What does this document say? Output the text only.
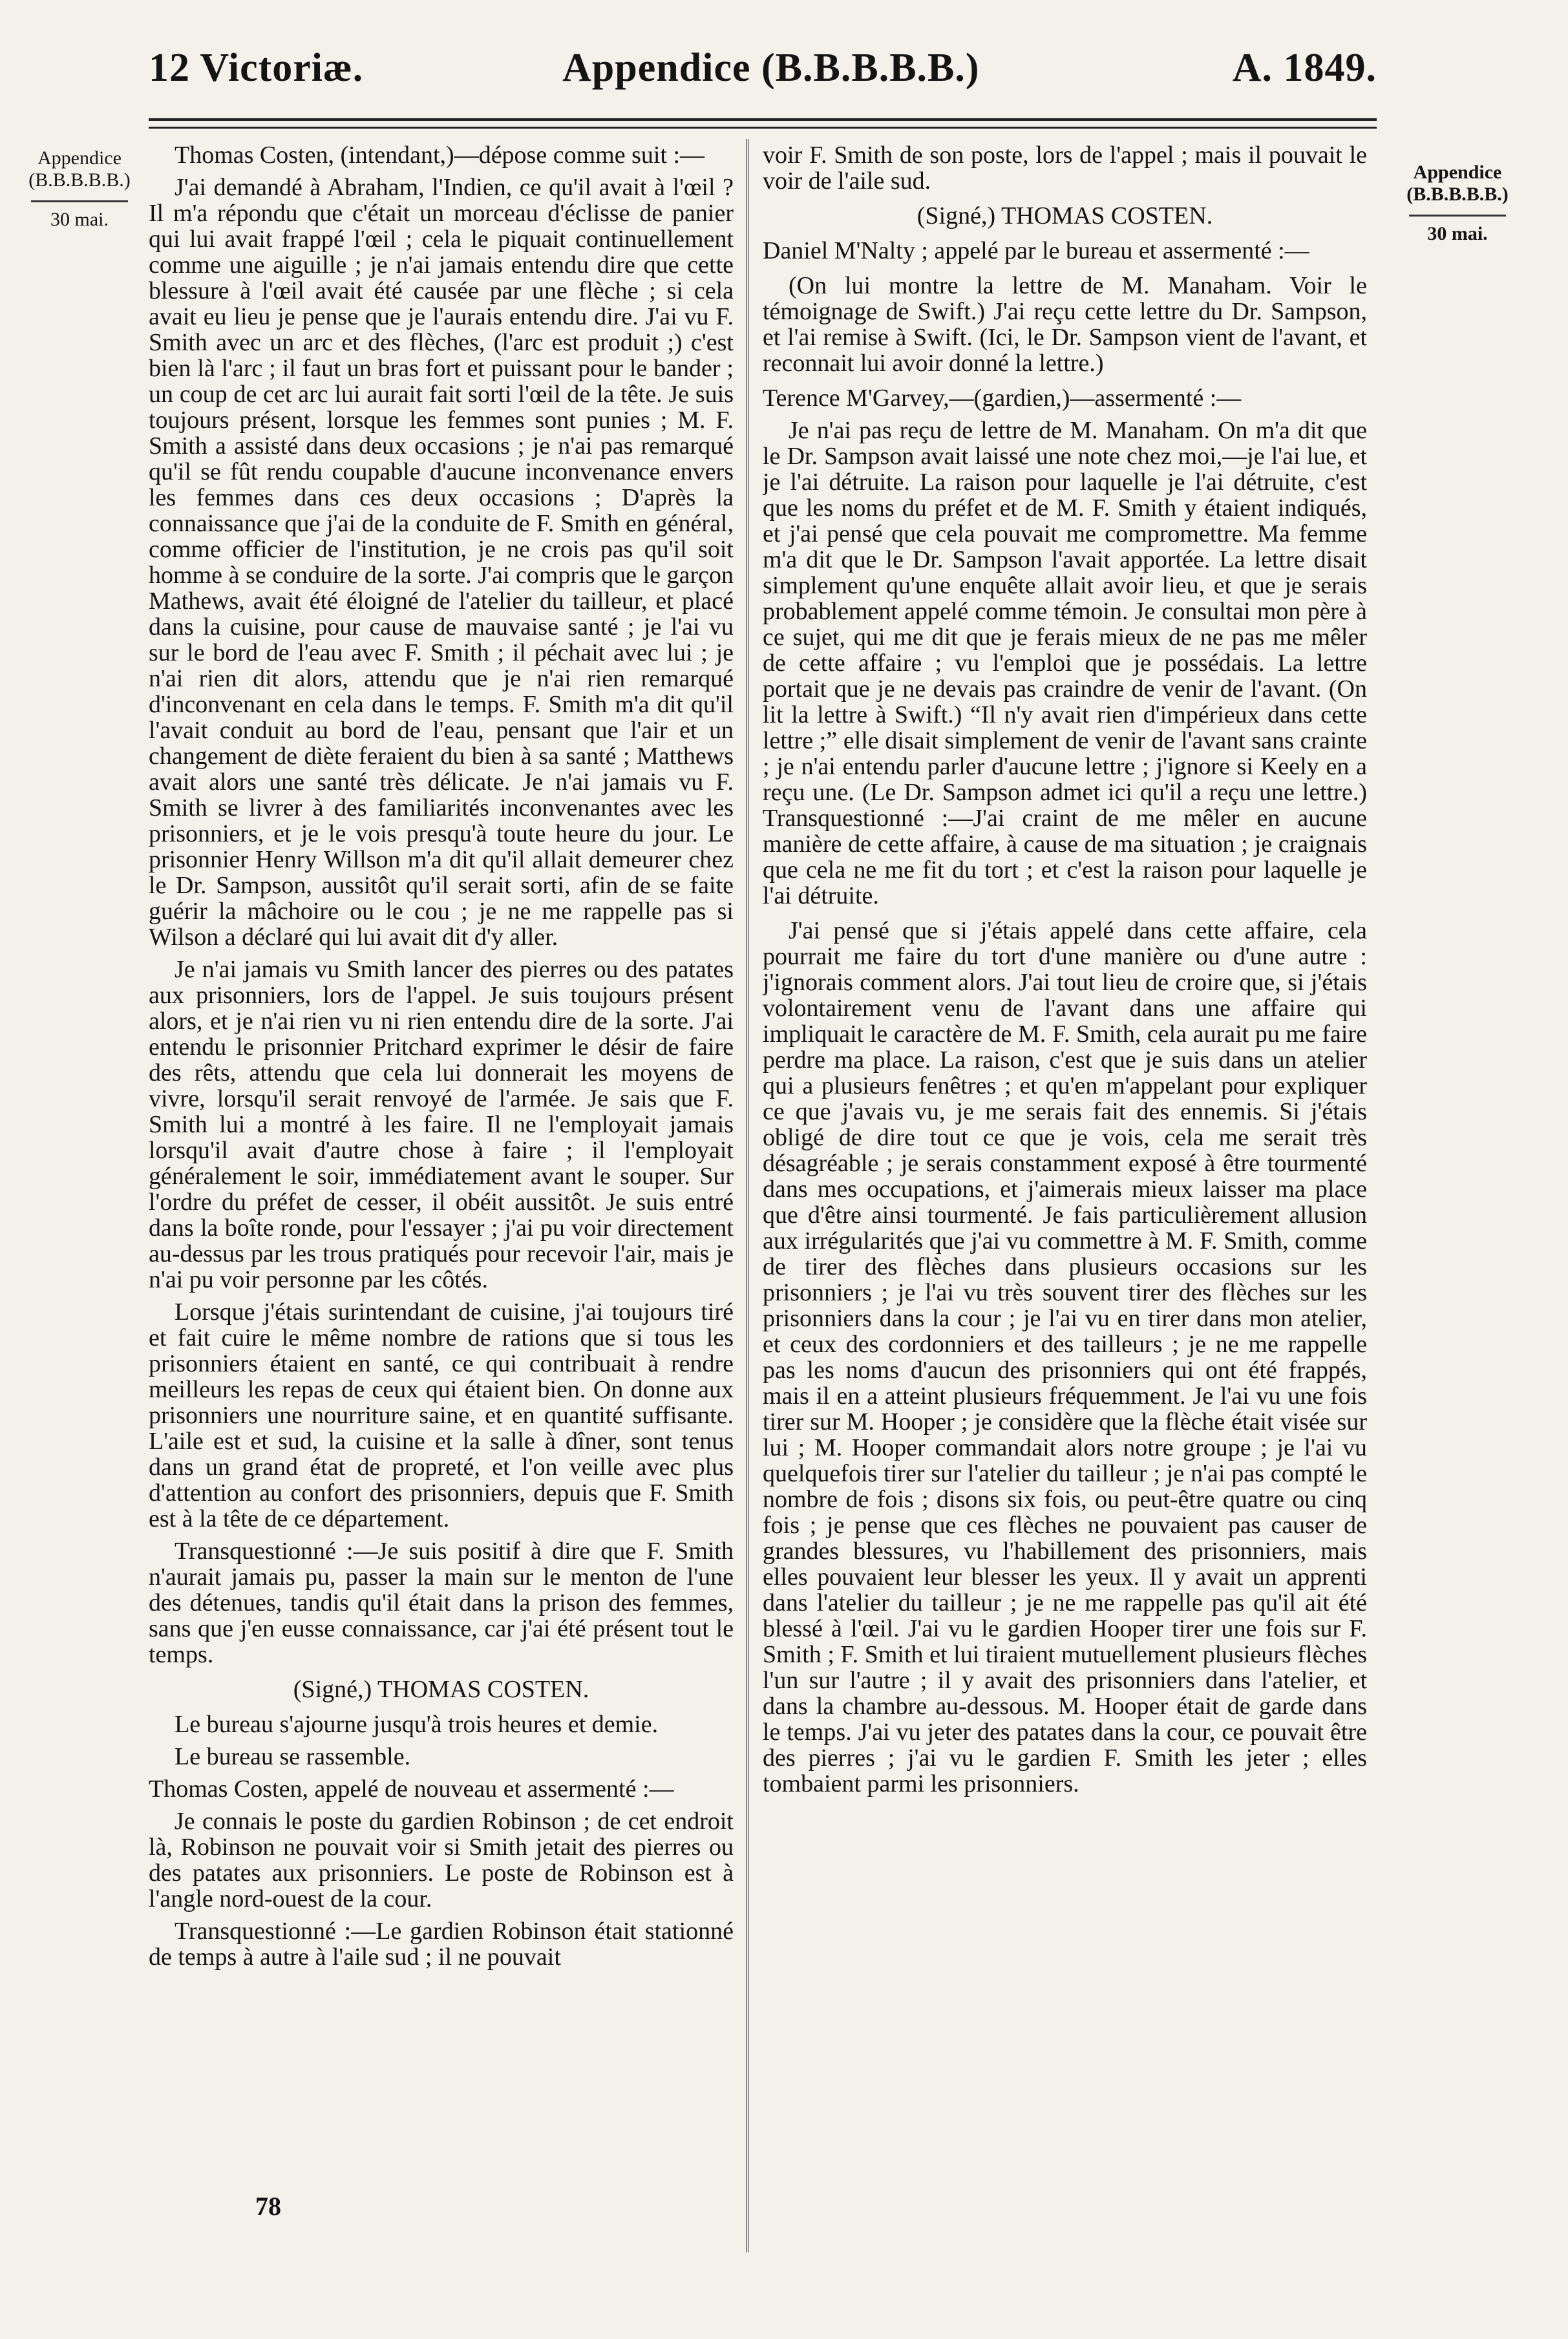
12 Victoriæ.	Appendice (B.B.B.B.B.)	A. 1849.
Appendice
(B.B.B.B.B.)
30 mai.
Appendice
(B.B.B.B.B.)
30 mai.

Thomas Costen, (intendant,)—dépose comme suit :—

J'ai demandé à Abraham, l'Indien, ce qu'il avait à l'œil ? Il m'a répondu que c'était un morceau d'éclisse de panier qui lui avait frappé l'œil ; cela le piquait continuellement comme une aiguille ; je n'ai jamais entendu dire que cette blessure à l'œil avait été causée par une flèche ; si cela avait eu lieu je pense que je l'aurais entendu dire. J'ai vu F. Smith avec un arc et des flèches, (l'arc est produit ;) c'est bien là l'arc ; il faut un bras fort et puissant pour le bander ; un coup de cet arc lui aurait fait sorti l'œil de la tête. Je suis toujours présent, lorsque les femmes sont punies ; M. F. Smith a assisté dans deux occasions ; je n'ai pas remarqué qu'il se fût rendu coupable d'aucune inconvenance envers les femmes dans ces deux occasions ; D'après la connaissance que j'ai de la conduite de F. Smith en général, comme officier de l'institution, je ne crois pas qu'il soit homme à se conduire de la sorte. J'ai compris que le garçon Mathews, avait été éloigné de l'atelier du tailleur, et placé dans la cuisine, pour cause de mauvaise santé ; je l'ai vu sur le bord de l'eau avec F. Smith ; il péchait avec lui ; je n'ai rien dit alors, attendu que je n'ai rien remarqué d'inconvenant en cela dans le temps. F. Smith m'a dit qu'il l'avait conduit au bord de l'eau, pensant que l'air et un changement de diète feraient du bien à sa santé ; Matthews avait alors une santé très délicate. Je n'ai jamais vu F. Smith se livrer à des familiarités inconvenantes avec les prisonniers, et je le vois presqu'à toute heure du jour. Le prisonnier Henry Willson m'a dit qu'il allait demeurer chez le Dr. Sampson, aussitôt qu'il serait sorti, afin de se faite guérir la mâchoire ou le cou ; je ne me rappelle pas si Wilson a déclaré qui lui avait dit d'y aller.

Je n'ai jamais vu Smith lancer des pierres ou des patates aux prisonniers, lors de l'appel. Je suis toujours présent alors, et je n'ai rien vu ni rien entendu dire de la sorte. J'ai entendu le prisonnier Pritchard exprimer le désir de faire des rêts, attendu que cela lui donnerait les moyens de vivre, lorsqu'il serait renvoyé de l'armée. Je sais que F. Smith lui a montré à les faire. Il ne l'employait jamais lorsqu'il avait d'autre chose à faire ; il l'employait généralement le soir, immédiatement avant le souper. Sur l'ordre du préfet de cesser, il obéit aussitôt. Je suis entré dans la boîte ronde, pour l'essayer ; j'ai pu voir directement au-dessus par les trous pratiqués pour recevoir l'air, mais je n'ai pu voir personne par les côtés.

Lorsque j'étais surintendant de cuisine, j'ai toujours tiré et fait cuire le même nombre de rations que si tous les prisonniers étaient en santé, ce qui contribuait à rendre meilleurs les repas de ceux qui étaient bien. On donne aux prisonniers une nourriture saine, et en quantité suffisante. L'aile est et sud, la cuisine et la salle à dîner, sont tenus dans un grand état de propreté, et l'on veille avec plus d'attention au confort des prisonniers, depuis que F. Smith est à la tête de ce département.

Transquestionné :—Je suis positif à dire que F. Smith n'aurait jamais pu, passer la main sur le menton de l'une des détenues, tandis qu'il était dans la prison des femmes, sans que j'en eusse connaissance, car j'ai été présent tout le temps.

(Signé,) THOMAS COSTEN.

Le bureau s'ajourne jusqu'à trois heures et demie.

Le bureau se rassemble.

Thomas Costen, appelé de nouveau et assermenté :—

Je connais le poste du gardien Robinson ; de cet endroit là, Robinson ne pouvait voir si Smith jetait des pierres ou des patates aux prisonniers. Le poste de Robinson est à l'angle nord-ouest de la cour.

Transquestionné :—Le gardien Robinson était stationné de temps à autre à l'aile sud ; il ne pouvait

voir F. Smith de son poste, lors de l'appel ; mais il pouvait le voir de l'aile sud.

(Signé,) THOMAS COSTEN.

Daniel M'Nalty ; appelé par le bureau et assermenté :—

(On lui montre la lettre de M. Manaham. Voir le témoignage de Swift.) J'ai reçu cette lettre du Dr. Sampson, et l'ai remise à Swift. (Ici, le Dr. Sampson vient de l'avant, et reconnait lui avoir donné la lettre.)

Terence M'Garvey,—(gardien,)—assermenté :—

Je n'ai pas reçu de lettre de M. Manaham. On m'a dit que le Dr. Sampson avait laissé une note chez moi,—je l'ai lue, et je l'ai détruite. La raison pour laquelle je l'ai détruite, c'est que les noms du préfet et de M. F. Smith y étaient indiqués, et j'ai pensé que cela pouvait me compromettre. Ma femme m'a dit que le Dr. Sampson l'avait apportée. La lettre disait simplement qu'une enquête allait avoir lieu, et que je serais probablement appelé comme témoin. Je consultai mon père à ce sujet, qui me dit que je ferais mieux de ne pas me mêler de cette affaire ; vu l'emploi que je possédais. La lettre portait que je ne devais pas craindre de venir de l'avant. (On lit la lettre à Swift.) “Il n'y avait rien d'impérieux dans cette lettre ;” elle disait simplement de venir de l'avant sans crainte ; je n'ai entendu parler d'aucune lettre ; j'ignore si Keely en a reçu une. (Le Dr. Sampson admet ici qu'il a reçu une lettre.) Transquestionné :—J'ai craint de me mêler en aucune manière de cette affaire, à cause de ma situation ; je craignais que cela ne me fit du tort ; et c'est la raison pour laquelle je l'ai détruite.

J'ai pensé que si j'étais appelé dans cette affaire, cela pourrait me faire du tort d'une manière ou d'une autre : j'ignorais comment alors. J'ai tout lieu de croire que, si j'étais volontairement venu de l'avant dans une affaire qui impliquait le caractère de M. F. Smith, cela aurait pu me faire perdre ma place. La raison, c'est que je suis dans un atelier qui a plusieurs fenêtres ; et qu'en m'appelant pour expliquer ce que j'avais vu, je me serais fait des ennemis. Si j'étais obligé de dire tout ce que je vois, cela me serait très désagréable ; je serais constamment exposé à être tourmenté dans mes occupations, et j'aimerais mieux laisser ma place que d'être ainsi tourmenté. Je fais particulièrement allusion aux irrégularités que j'ai vu commettre à M. F. Smith, comme de tirer des flèches dans plusieurs occasions sur les prisonniers ; je l'ai vu très souvent tirer des flèches sur les prisonniers dans la cour ; je l'ai vu en tirer dans mon atelier, et ceux des cordonniers et des tailleurs ; je ne me rappelle pas les noms d'aucun des prisonniers qui ont été frappés, mais il en a atteint plusieurs fréquemment. Je l'ai vu une fois tirer sur M. Hooper ; je considère que la flèche était visée sur lui ; M. Hooper commandait alors notre groupe ; je l'ai vu quelquefois tirer sur l'atelier du tailleur ; je n'ai pas compté le nombre de fois ; disons six fois, ou peut-être quatre ou cinq fois ; je pense que ces flèches ne pouvaient pas causer de grandes blessures, vu l'habillement des prisonniers, mais elles pouvaient leur blesser les yeux. Il y avait un apprenti dans l'atelier du tailleur ; je ne me rappelle pas qu'il ait été blessé à l'œil. J'ai vu le gardien Hooper tirer une fois sur F. Smith ; F. Smith et lui tiraient mutuellement plusieurs flèches l'un sur l'autre ; il y avait des prisonniers dans l'atelier, et dans la chambre au-dessous. M. Hooper était de garde dans le temps. J'ai vu jeter des patates dans la cour, ce pouvait être des pierres ; j'ai vu le gardien F. Smith les jeter ; elles tombaient parmi les prisonniers.

78
